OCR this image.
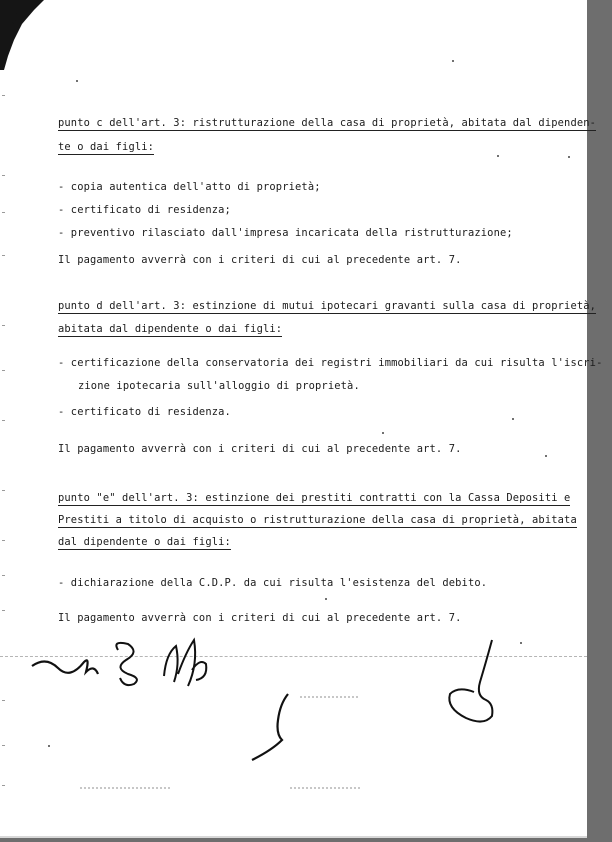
punto c dell'art. 3: ristrutturazione della casa di proprietà, abitata dal dipenden-

te o dai figli:

- copia autentica dell'atto di proprietà;

- certificato di residenza;

- preventivo rilasciato dall'impresa incaricata della ristrutturazione;

Il pagamento avverrà con i criteri di cui al precedente art. 7.

punto d dell'art. 3: estinzione di mutui ipotecari gravanti sulla casa di proprietà,

abitata dal dipendente o dai figli:

- certificazione della conservatoria dei registri immobiliari da cui risulta l'iscri-

zione ipotecaria sull'alloggio di proprietà.

- certificato di residenza.

Il pagamento avverrà con i criteri di cui al precedente art. 7.

punto "e" dell'art. 3: estinzione dei prestiti contratti con la Cassa Depositi e

Prestiti a titolo di acquisto o ristrutturazione della casa di proprietà, abitata

dal dipendente o dai figli:

- dichiarazione della C.D.P. da cui risulta l'esistenza del debito.

Il pagamento avverrà con i criteri di cui al precedente art. 7.
